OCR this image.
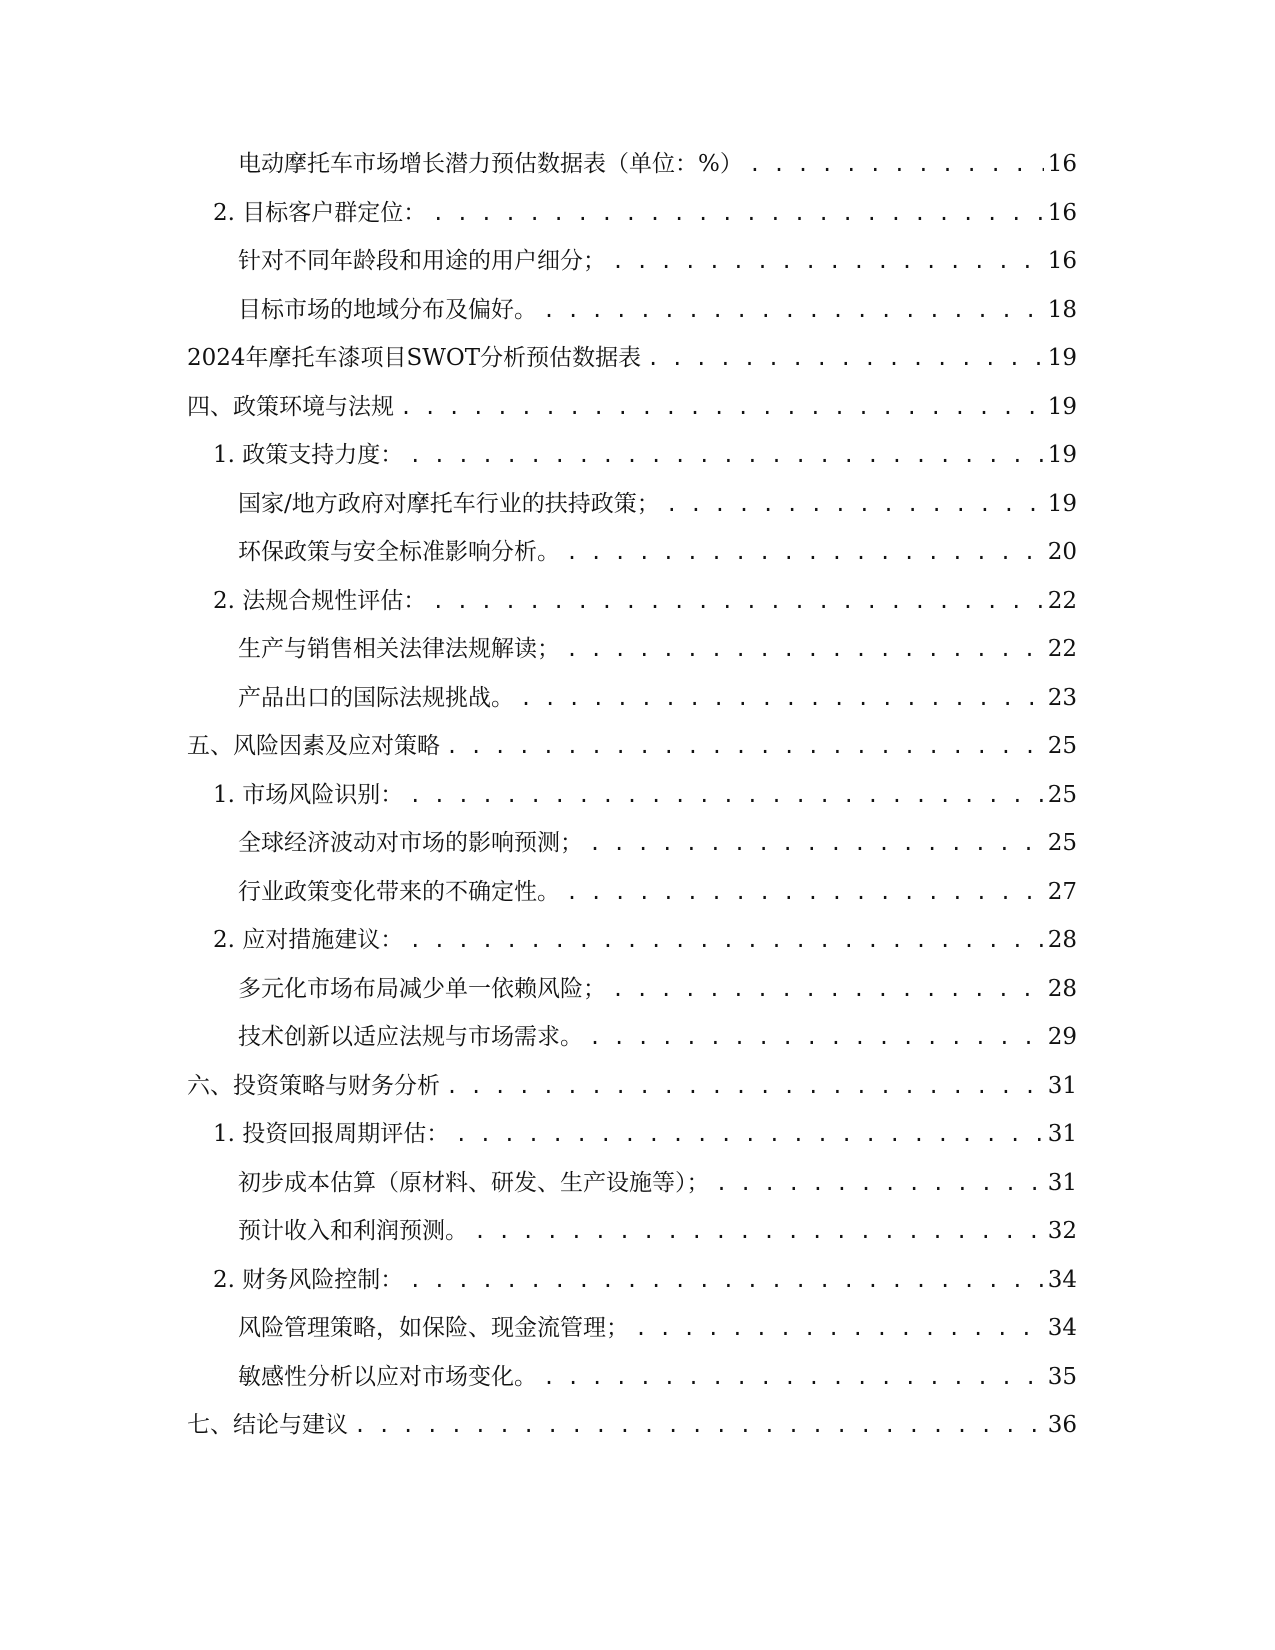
电动摩托车市场增长潜力预估数据表（单位：%） . . .	16
2. 目标客户群定位： . . .	16
针对不同年龄段和用途的用户细分； . . .	16
目标市场的地域分布及偏好。 . . .	18
2024年摩托车漆项目SWOT分析预估数据表 . . .	19
四、政策环境与法规 . . .	19
1. 政策支持力度： . . .	19
国家/地方政府对摩托车行业的扶持政策； . . .	19
环保政策与安全标准影响分析。 . . .	20
2. 法规合规性评估： . . .	22
生产与销售相关法律法规解读； . . .	22
产品出口的国际法规挑战。 . . .	23
五、风险因素及应对策略 . . .	25
1. 市场风险识别： . . .	25
全球经济波动对市场的影响预测； . . .	25
行业政策变化带来的不确定性。 . . .	27
2. 应对措施建议： . . .	28
多元化市场布局减少单一依赖风险； . . .	28
技术创新以适应法规与市场需求。 . . .	29
六、投资策略与财务分析 . . .	31
1. 投资回报周期评估： . . .	31
初步成本估算（原材料、研发、生产设施等）； . . .	31
预计收入和利润预测。 . . .	32
2. 财务风险控制： . . .	34
风险管理策略，如保险、现金流管理； . . .	34
敏感性分析以应对市场变化。 . . .	35
七、结论与建议 . . .	36
